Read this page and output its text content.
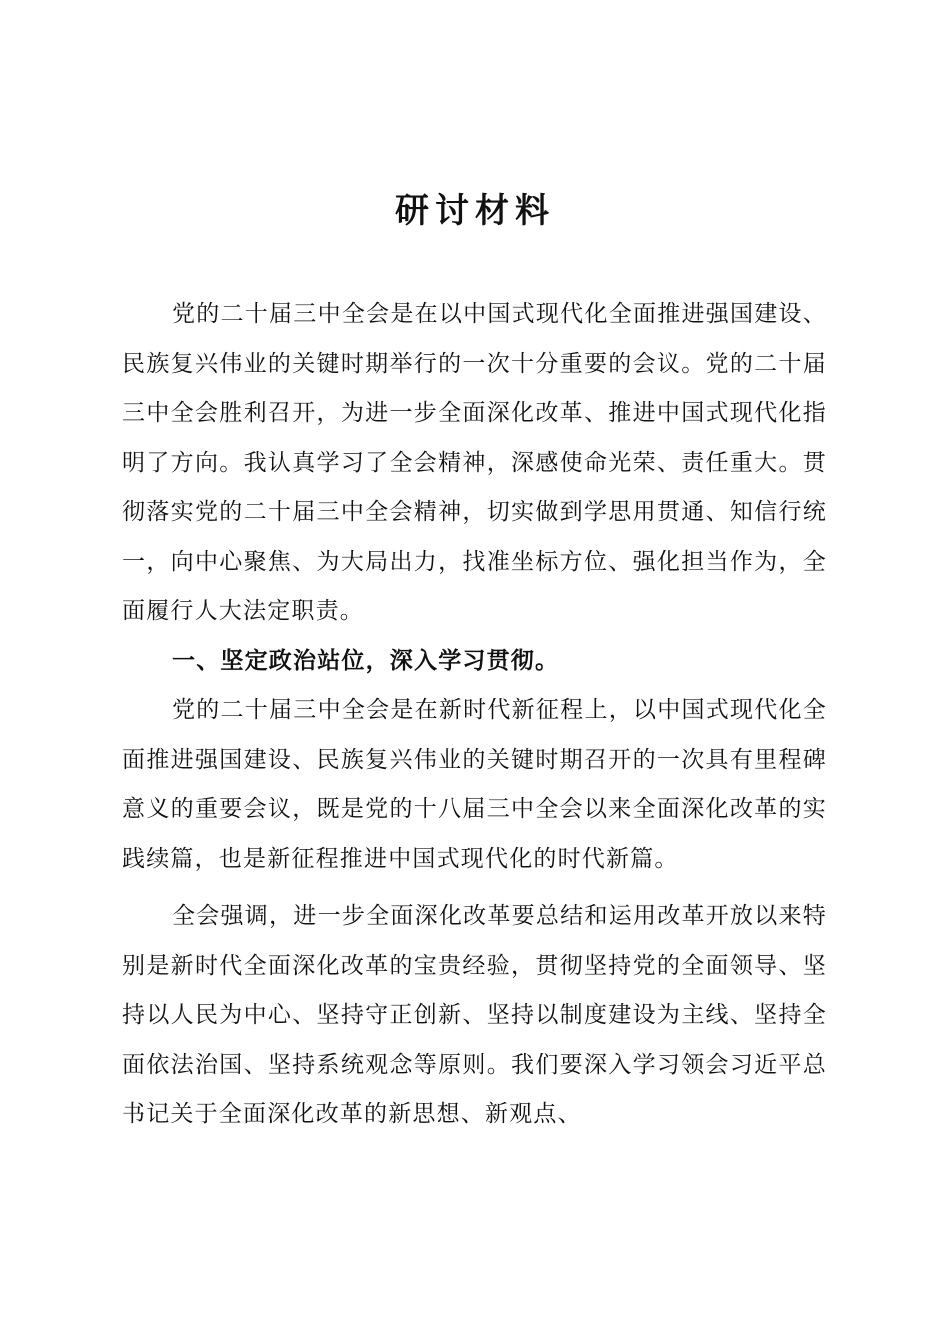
研讨材料

党的二十届三中全会是在以中国式现代化全面推进强国建设、民族复兴伟业的关键时期举行的一次十分重要的会议。党的二十届三中全会胜利召开，为进一步全面深化改革、推进中国式现代化指明了方向。我认真学习了全会精神，深感使命光荣、责任重大。贯彻落实党的二十届三中全会精神，切实做到学思用贯通、知信行统一，向中心聚焦、为大局出力，找准坐标方位、强化担当作为，全面履行人大法定职责。

一、坚定政治站位，深入学习贯彻。

党的二十届三中全会是在新时代新征程上，以中国式现代化全面推进强国建设、民族复兴伟业的关键时期召开的一次具有里程碑意义的重要会议，既是党的十八届三中全会以来全面深化改革的实践续篇，也是新征程推进中国式现代化的时代新篇。

全会强调，进一步全面深化改革要总结和运用改革开放以来特别是新时代全面深化改革的宝贵经验，贯彻坚持党的全面领导、坚持以人民为中心、坚持守正创新、坚持以制度建设为主线、坚持全面依法治国、坚持系统观念等原则。我们要深入学习领会习近平总书记关于全面深化改革的新思想、新观点、
